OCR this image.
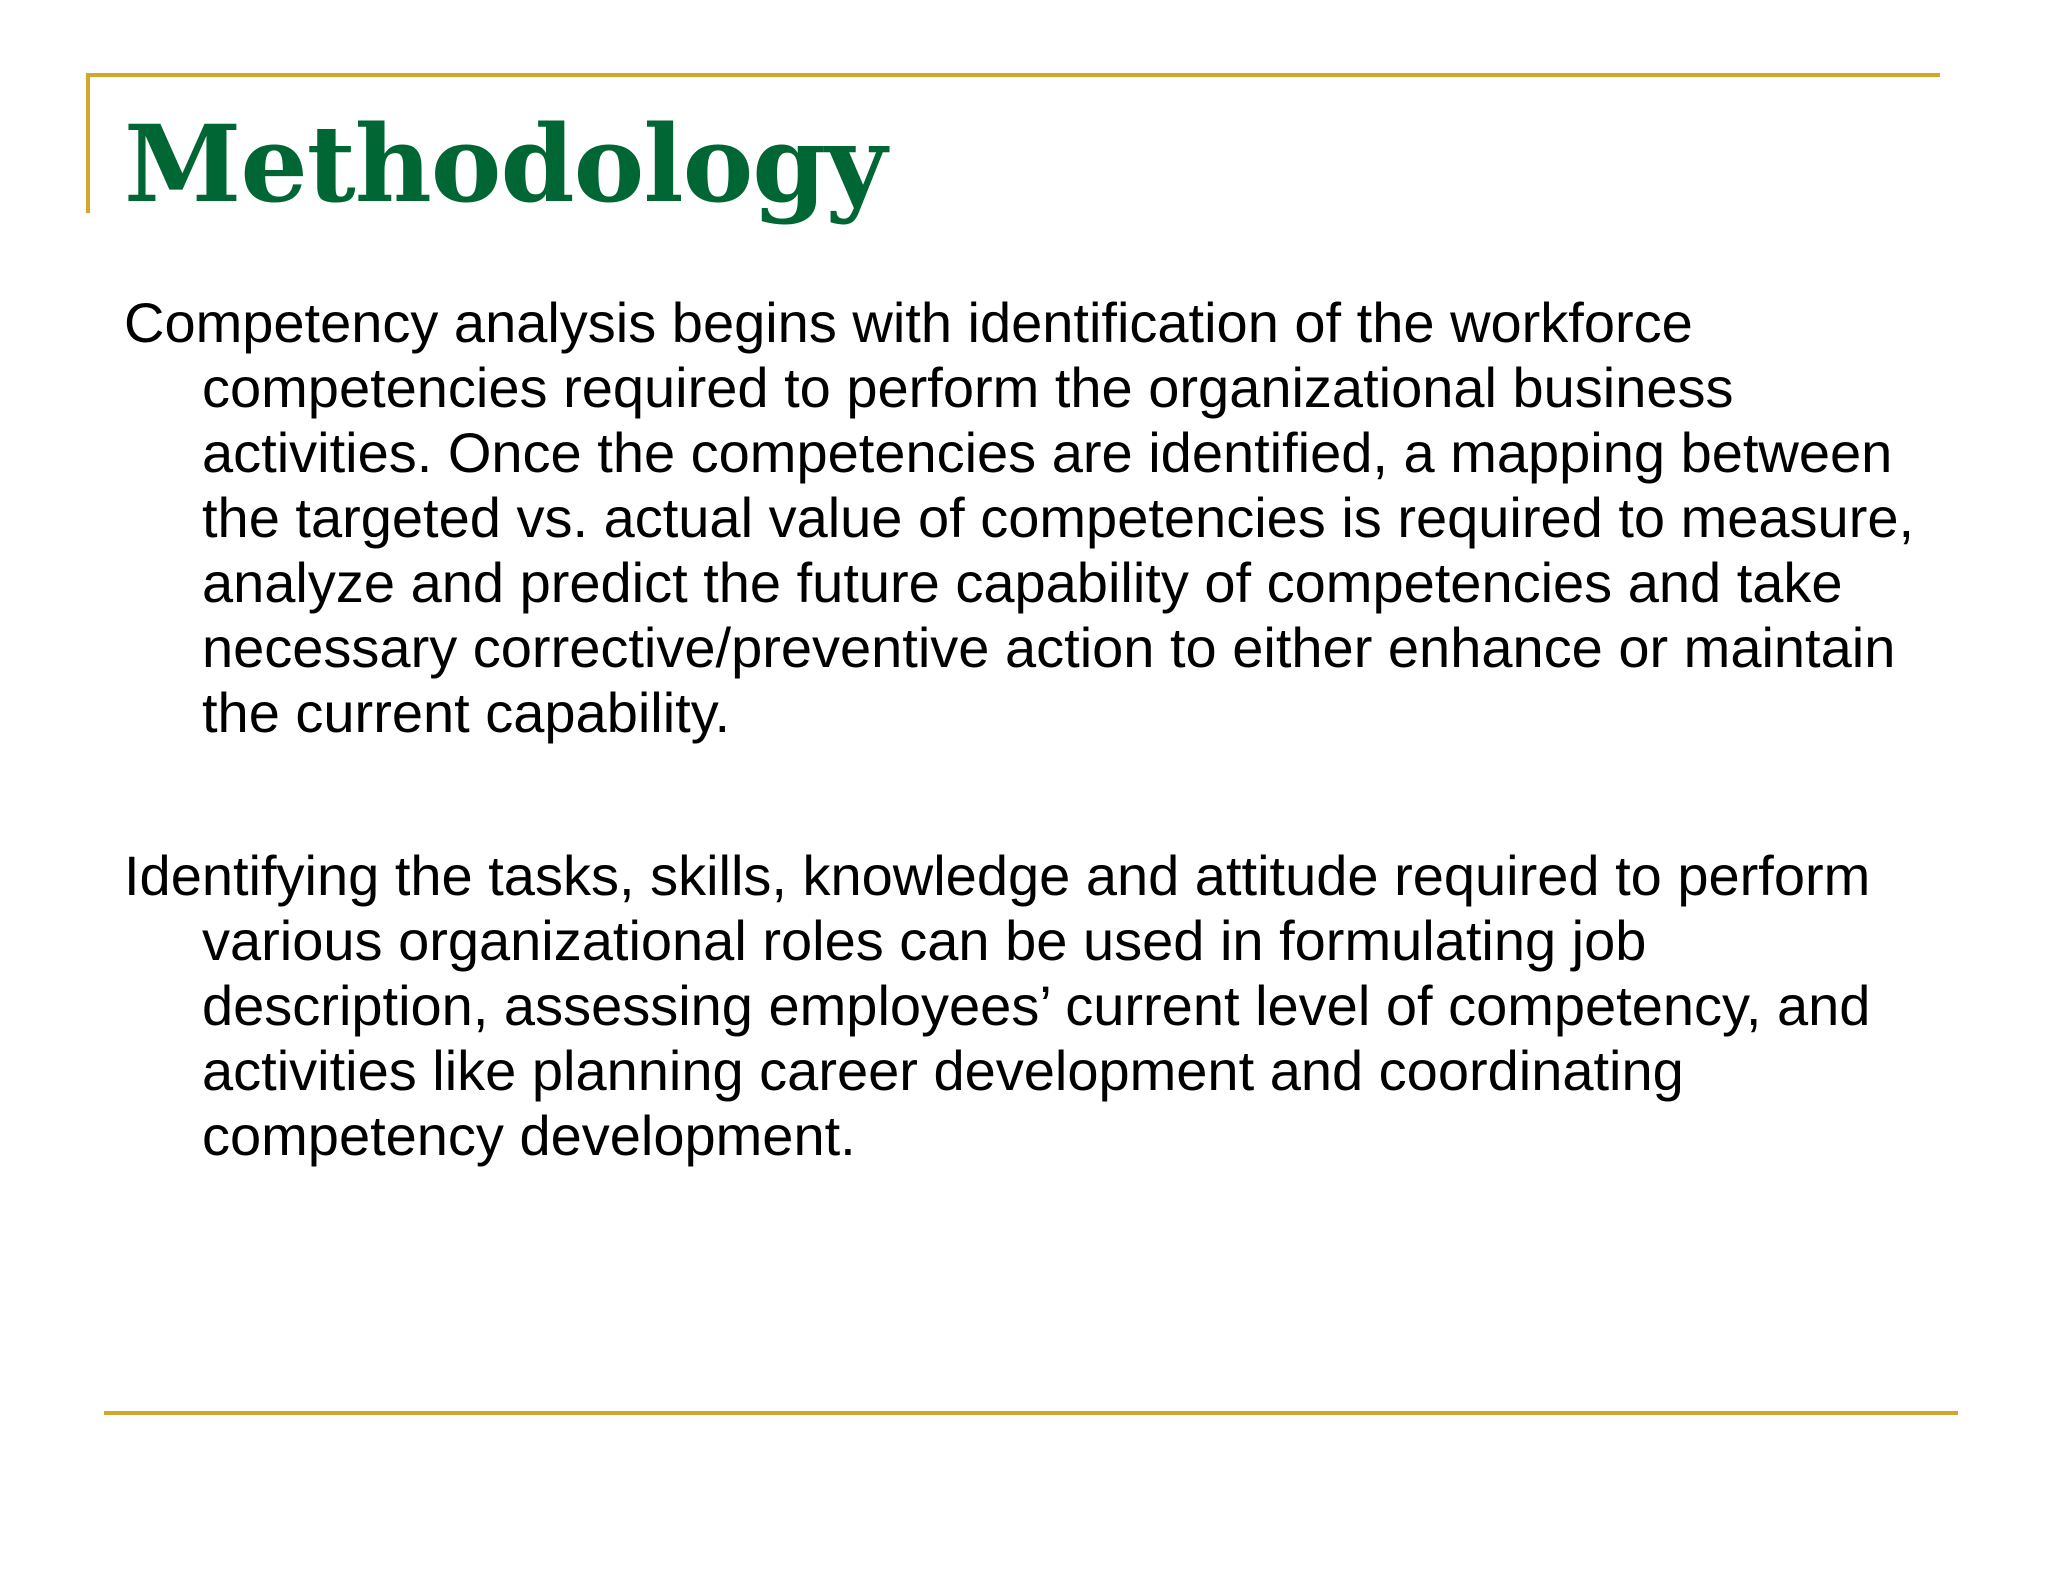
Methodology

Competency analysis begins with identification of the workforce competencies required to perform the organizational business activities. Once the competencies are identified, a mapping between the targeted vs. actual value of competencies is required to measure, analyze and predict the future capability of competencies and take necessary corrective/preventive action to either enhance or maintain the current capability.

Identifying the tasks, skills, knowledge and attitude required to perform various organizational roles can be used in formulating job description, assessing employees’ current level of competency, and activities like planning career development and coordinating competency development.
